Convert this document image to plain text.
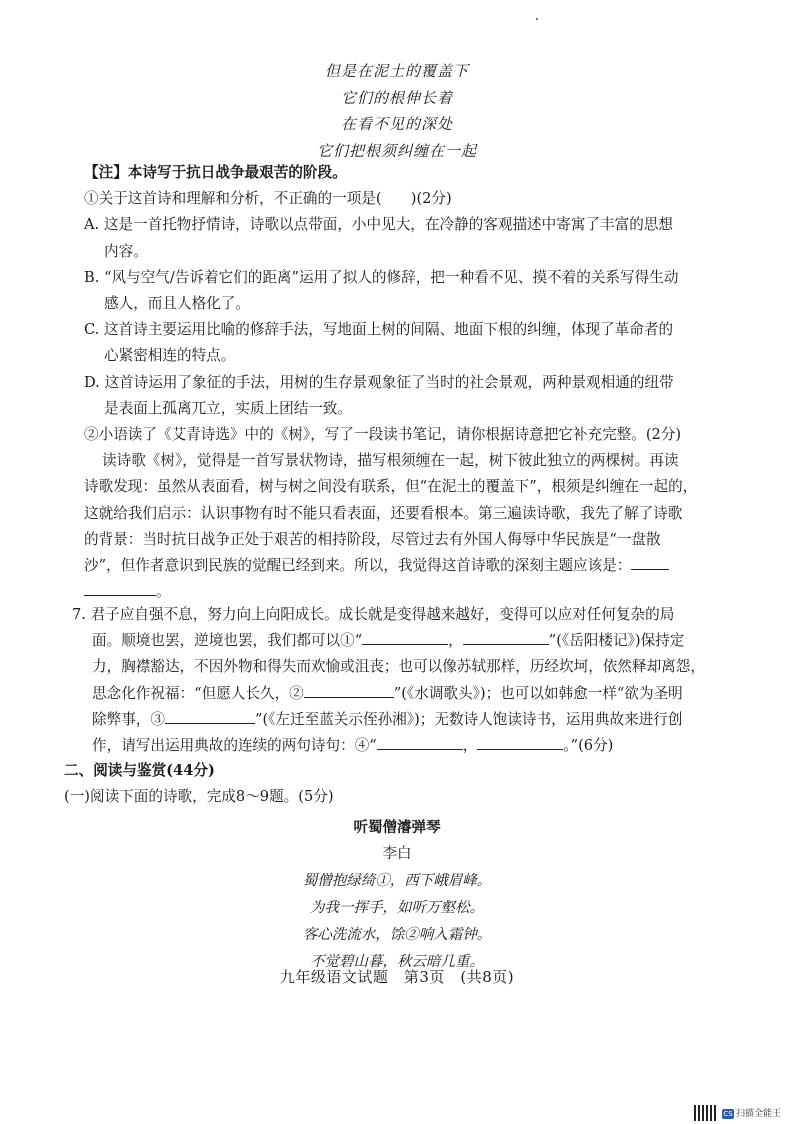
但是在泥土的覆盖下
它们的根伸长着
在看不见的深处
它们把根须纠缠在一起
【注】本诗写于抗日战争最艰苦的阶段。
①关于这首诗和理解和分析，不正确的一项是(　　)(2分)
A. 这是一首托物抒情诗，诗歌以点带面，小中见大，在冷静的客观描述中寄寓了丰富的思想
内容。
B. “风与空气/告诉着它们的距离”运用了拟人的修辞，把一种看不见、摸不着的关系写得生动
感人，而且人格化了。
C. 这首诗主要运用比喻的修辞手法，写地面上树的间隔、地面下根的纠缠，体现了革命者的
心紧密相连的特点。
D. 这首诗运用了象征的手法，用树的生存景观象征了当时的社会景观，两种景观相通的纽带
是表面上孤离兀立，实质上团结一致。
②小语读了《艾青诗选》中的《树》，写了一段读书笔记，请你根据诗意把它补充完整。(2分)
读诗歌《树》，觉得是一首写景状物诗，描写根须缠在一起，树下彼此独立的两棵树。再读
诗歌发现：虽然从表面看，树与树之间没有联系，但“在泥土的覆盖下”，根须是纠缠在一起的，
这就给我们启示：认识事物有时不能只看表面，还要看根本。第三遍读诗歌，我先了解了诗歌
的背景：当时抗日战争正处于艰苦的相持阶段，尽管过去有外国人侮辱中华民族是“一盘散
沙”，但作者意识到民族的觉醒已经到来。所以，我觉得这首诗歌的深刻主题应该是：
。
7. 君子应自强不息，努力向上向阳成长。成长就是变得越来越好，变得可以应对任何复杂的局
面。顺境也罢，逆境也罢，我们都可以①“	，	”(《岳阳楼记》)保持定
力，胸襟豁达，不因外物和得失而欢愉或沮丧；也可以像苏轼那样，历经坎坷，依然释却离怨，
思念化作祝福：“但愿人长久，②	”(《水调歌头》)；也可以如韩愈一样“欲为圣明
除弊事，③	”(《左迁至蓝关示侄孙湘》)；无数诗人饱读诗书，运用典故来进行创
作，请写出运用典故的连续的两句诗句：④“	，	。”(6分)
二、阅读与鉴赏(44分)
(一)阅读下面的诗歌，完成8～9题。(5分)
听蜀僧濬弹琴
李白
蜀僧抱绿绮①，西下峨眉峰。
为我一挥手，如听万壑松。
客心洗流水，馀②响入霜钟。
不觉碧山暮，秋云暗几重。
九年级语文试题　第3页　(共8页)
CS 扫描全能王
